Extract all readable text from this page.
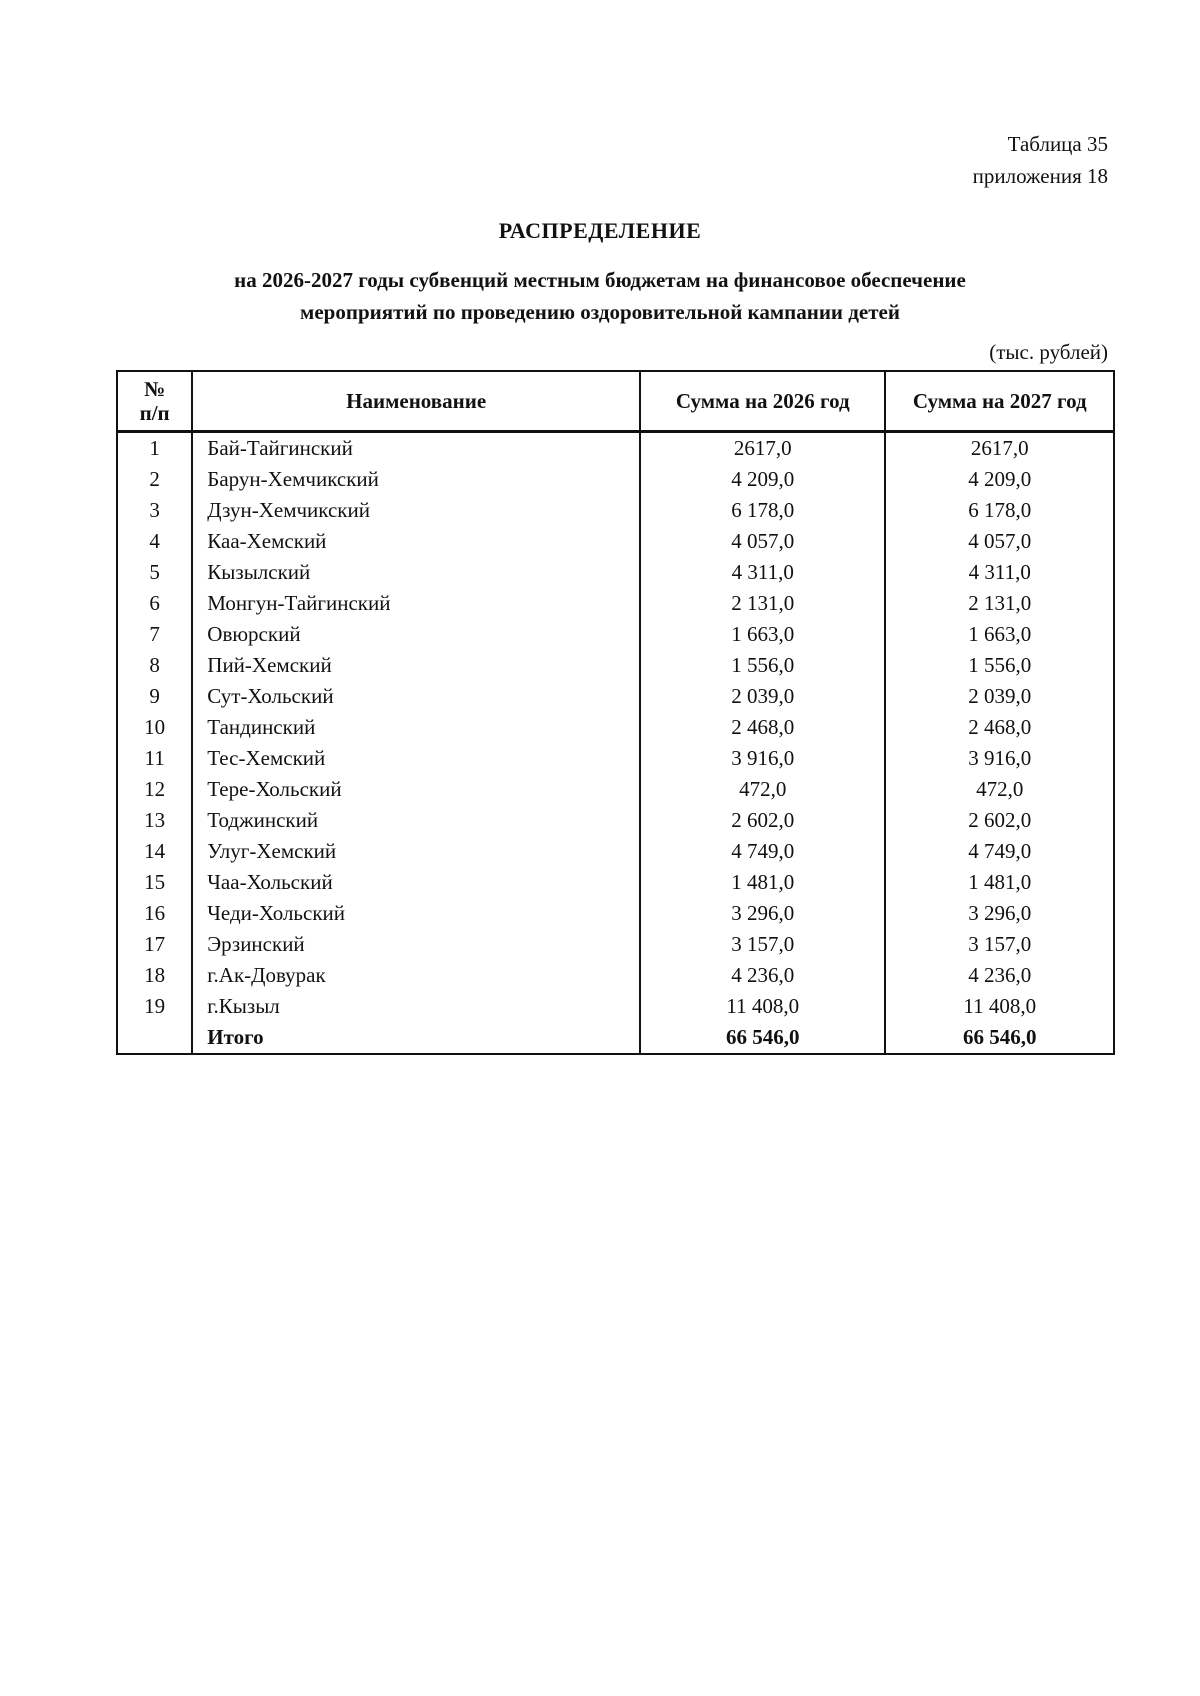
Таблица 35
приложения 18
РАСПРЕДЕЛЕНИЕ
на 2026-2027 годы субвенций местным бюджетам на финансовое обеспечение
мероприятий по проведению оздоровительной кампании детей
(тыс. рублей)
№
п/п	Наименование	Сумма на 2026 год	Сумма на 2027 год
1	Бай-Тайгинский	2617,0	2617,0
2	Барун-Хемчикский	4 209,0	4 209,0
3	Дзун-Хемчикский	6 178,0	6 178,0
4	Каа-Хемский	4 057,0	4 057,0
5	Кызылский	4 311,0	4 311,0
6	Монгун-Тайгинский	2 131,0	2 131,0
7	Овюрский	1 663,0	1 663,0
8	Пий-Хемский	1 556,0	1 556,0
9	Сут-Хольский	2 039,0	2 039,0
10	Тандинский	2 468,0	2 468,0
11	Тес-Хемский	3 916,0	3 916,0
12	Тере-Хольский	472,0	472,0
13	Тоджинский	2 602,0	2 602,0
14	Улуг-Хемский	4 749,0	4 749,0
15	Чаа-Хольский	1 481,0	1 481,0
16	Чеди-Хольский	3 296,0	3 296,0
17	Эрзинский	3 157,0	3 157,0
18	г.Ак-Довурак	4 236,0	4 236,0
19	г.Кызыл	11 408,0	11 408,0
	Итого	66 546,0	66 546,0
